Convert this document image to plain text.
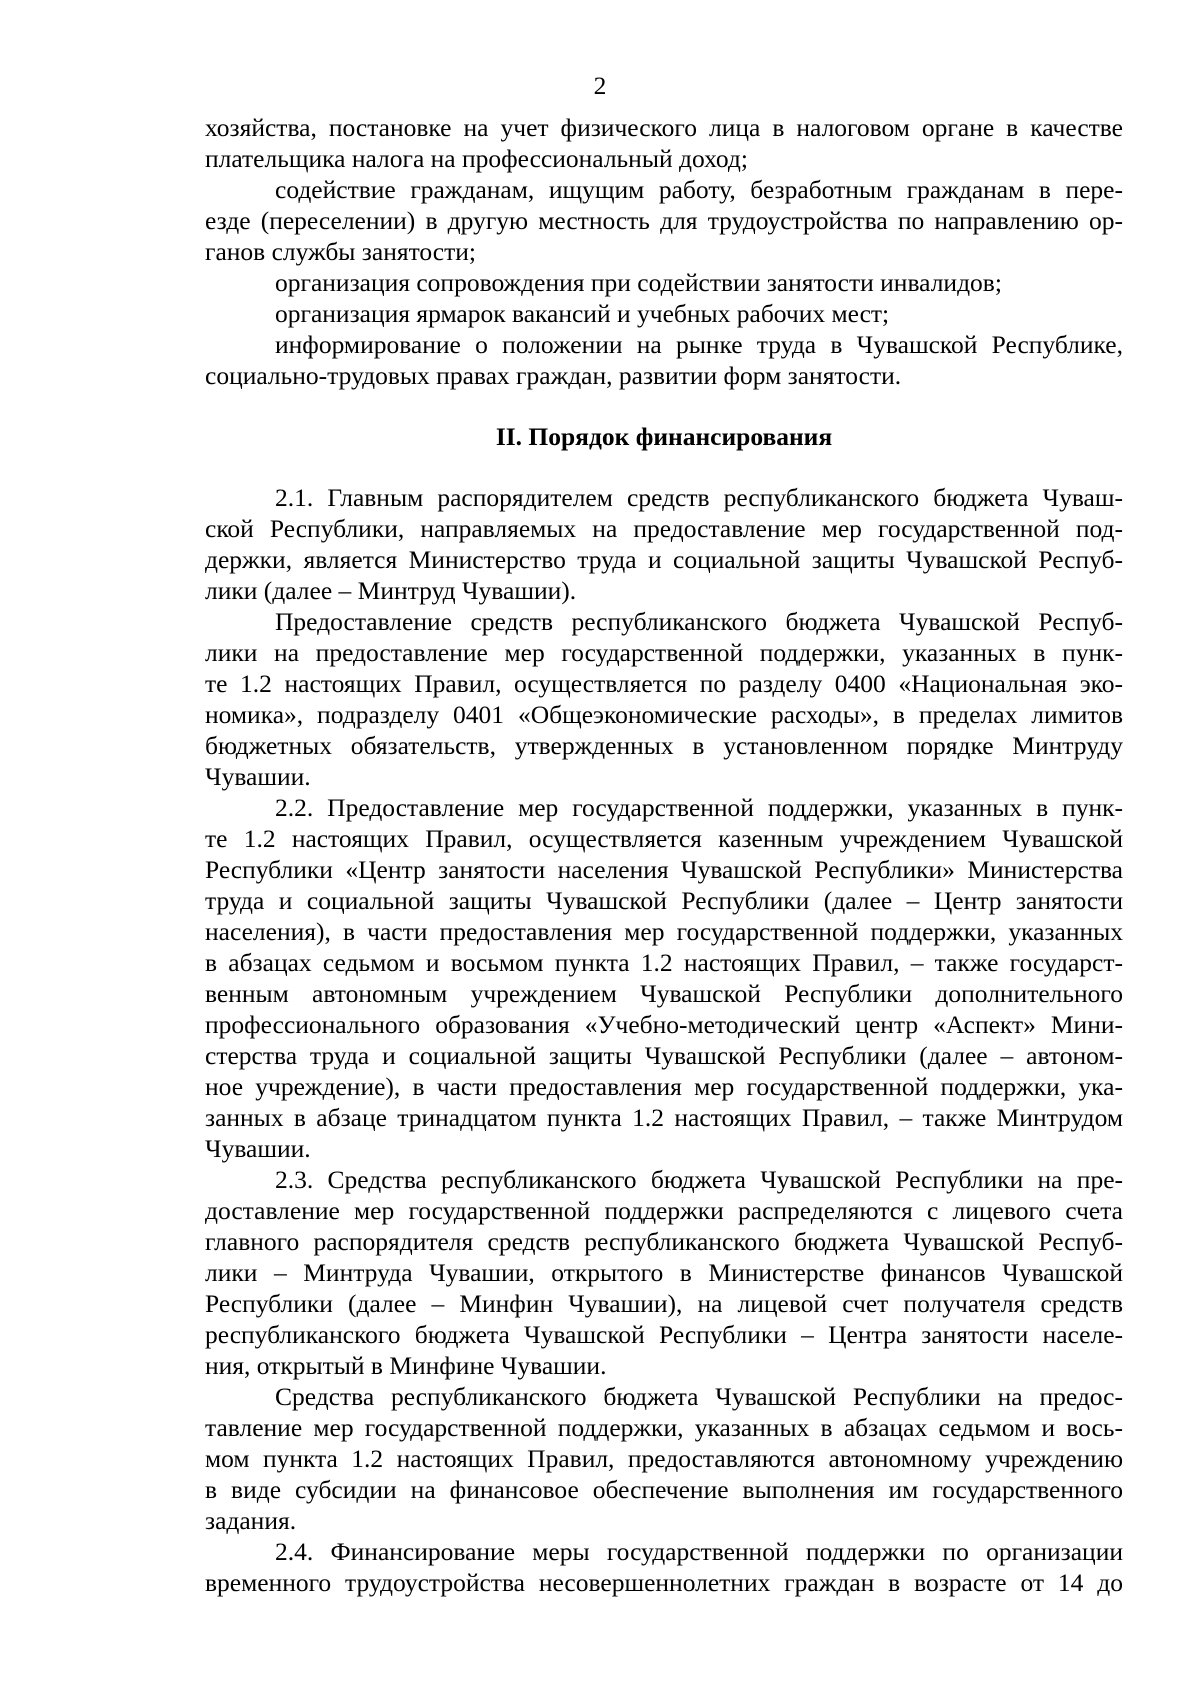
2
хозяйства, постановке на учет физического лица в налоговом органе в качестве
плательщика налога на профессиональный доход;
содействие гражданам, ищущим работу, безработным гражданам в пере-
езде (переселении) в другую местность для трудоустройства по направлению ор-
ганов службы занятости;
организация сопровождения при содействии занятости инвалидов;
организация ярмарок вакансий и учебных рабочих мест;
информирование о положении на рынке труда в Чувашской Республике,
социально-трудовых правах граждан, развитии форм занятости.
II. Порядок финансирования
2.1. Главным распорядителем средств республиканского бюджета Чуваш-
ской Республики, направляемых на предоставление мер государственной под-
держки, является Министерство труда и социальной защиты Чувашской Респуб-
лики (далее – Минтруд Чувашии).
Предоставление средств республиканского бюджета Чувашской Респуб-
лики на предоставление мер государственной поддержки, указанных в пунк-
те 1.2 настоящих Правил, осуществляется по разделу 0400 «Национальная эко-
номика», подразделу 0401 «Общеэкономические расходы», в пределах лимитов
бюджетных обязательств, утвержденных в установленном порядке Минтруду
Чувашии.
2.2. Предоставление мер государственной поддержки, указанных в пунк-
те 1.2 настоящих Правил, осуществляется казенным учреждением Чувашской
Республики «Центр занятости населения Чувашской Республики» Министерства
труда и социальной защиты Чувашской Республики (далее – Центр занятости
населения), в части предоставления мер государственной поддержки, указанных
в абзацах седьмом и восьмом пункта 1.2 настоящих Правил, – также государст-
венным автономным учреждением Чувашской Республики дополнительного
профессионального образования «Учебно-методический центр «Аспект» Мини-
стерства труда и социальной защиты Чувашской Республики (далее – автоном-
ное учреждение), в части предоставления мер государственной поддержки, ука-
занных в абзаце тринадцатом пункта 1.2 настоящих Правил, – также Минтрудом
Чувашии.
2.3. Средства республиканского бюджета Чувашской Республики на пре-
доставление мер государственной поддержки распределяются с лицевого счета
главного распорядителя средств республиканского бюджета Чувашской Респуб-
лики – Минтруда Чувашии, открытого в Министерстве финансов Чувашской
Республики (далее – Минфин Чувашии), на лицевой счет получателя средств
республиканского бюджета Чувашской Республики – Центра занятости населе-
ния, открытый в Минфине Чувашии.
Средства республиканского бюджета Чувашской Республики на предос-
тавление мер государственной поддержки, указанных в абзацах седьмом и вось-
мом пункта 1.2 настоящих Правил, предоставляются автономному учреждению
в виде субсидии на финансовое обеспечение выполнения им государственного
задания.
2.4. Финансирование меры государственной поддержки по организации
временного трудоустройства несовершеннолетних граждан в возрасте от 14 до
